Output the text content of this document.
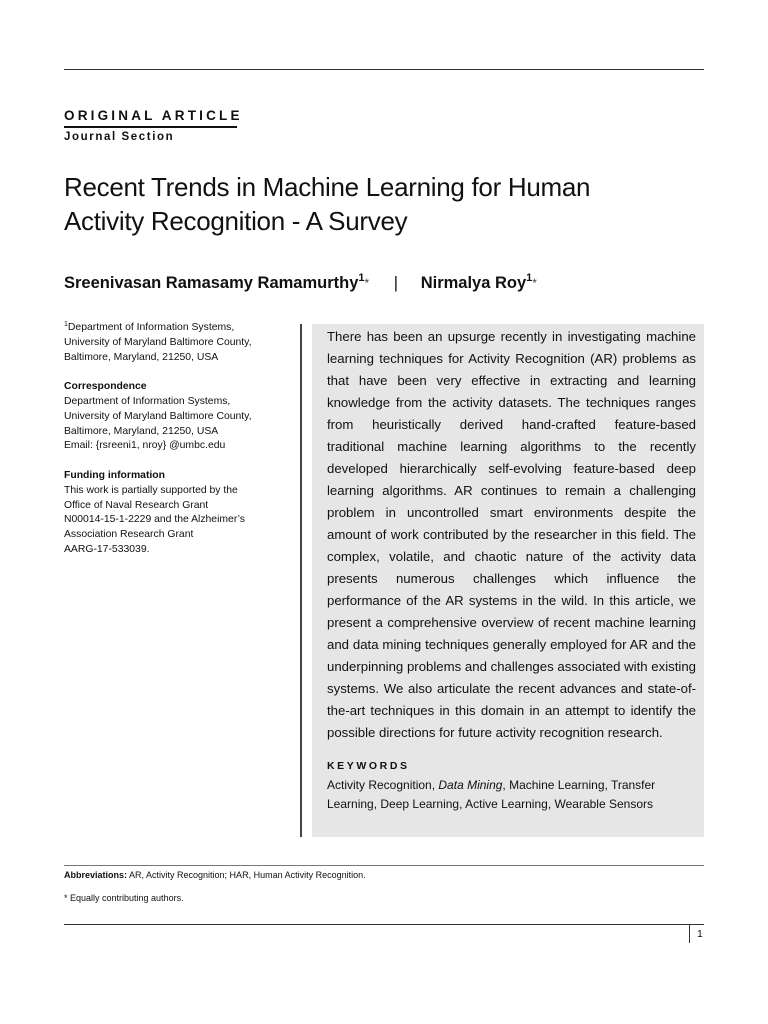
ORIGINAL ARTICLE
Journal Section
Recent Trends in Machine Learning for Human
Activity Recognition - A Survey
Sreenivasan Ramasamy Ramamurthy$^1$* | Nirmalya Roy$^1$*

$^1$Department of Information Systems,

University of Maryland Baltimore County,

Baltimore, Maryland, 21250, USA

Correspondence

Department of Information Systems,

University of Maryland Baltimore County,

Baltimore, Maryland, 21250, USA

Email: {rsreeni1, nroy} @umbc.edu

Funding information

This work is partially supported by the

Office of Naval Research Grant

N00014-15-1-2229 and the Alzheimer’s

Association Research Grant

AARG-17-533039.

There has been an upsurge recently in investigating machine learning techniques for Activity Recognition (AR) problems as that have been very effective in extracting and learning knowledge from the activity datasets. The techniques ranges from heuristically derived hand-crafted feature-based traditional machine learning algorithms to the recently developed hierarchically self-evolving feature-based deep learning algorithms. AR continues to remain a challenging problem in uncontrolled smart environments despite the amount of work contributed by the researcher in this field. The complex, volatile, and chaotic nature of the activity data presents numerous challenges which influence the performance of the AR systems in the wild. In this article, we present a comprehensive overview of recent machine learning and data mining techniques generally employed for AR and the underpinning problems and challenges associated with existing systems. We also articulate the recent advances and state-of-the-art techniques in this domain in an attempt to identify the possible directions for future activity recognition research.

KEYWORDS
Activity Recognition, Data Mining, Machine Learning, Transfer Learning, Deep Learning, Active Learning, Wearable Sensors
Abbreviations: AR, Activity Recognition; HAR, Human Activity Recognition.
* Equally contributing authors.
1
